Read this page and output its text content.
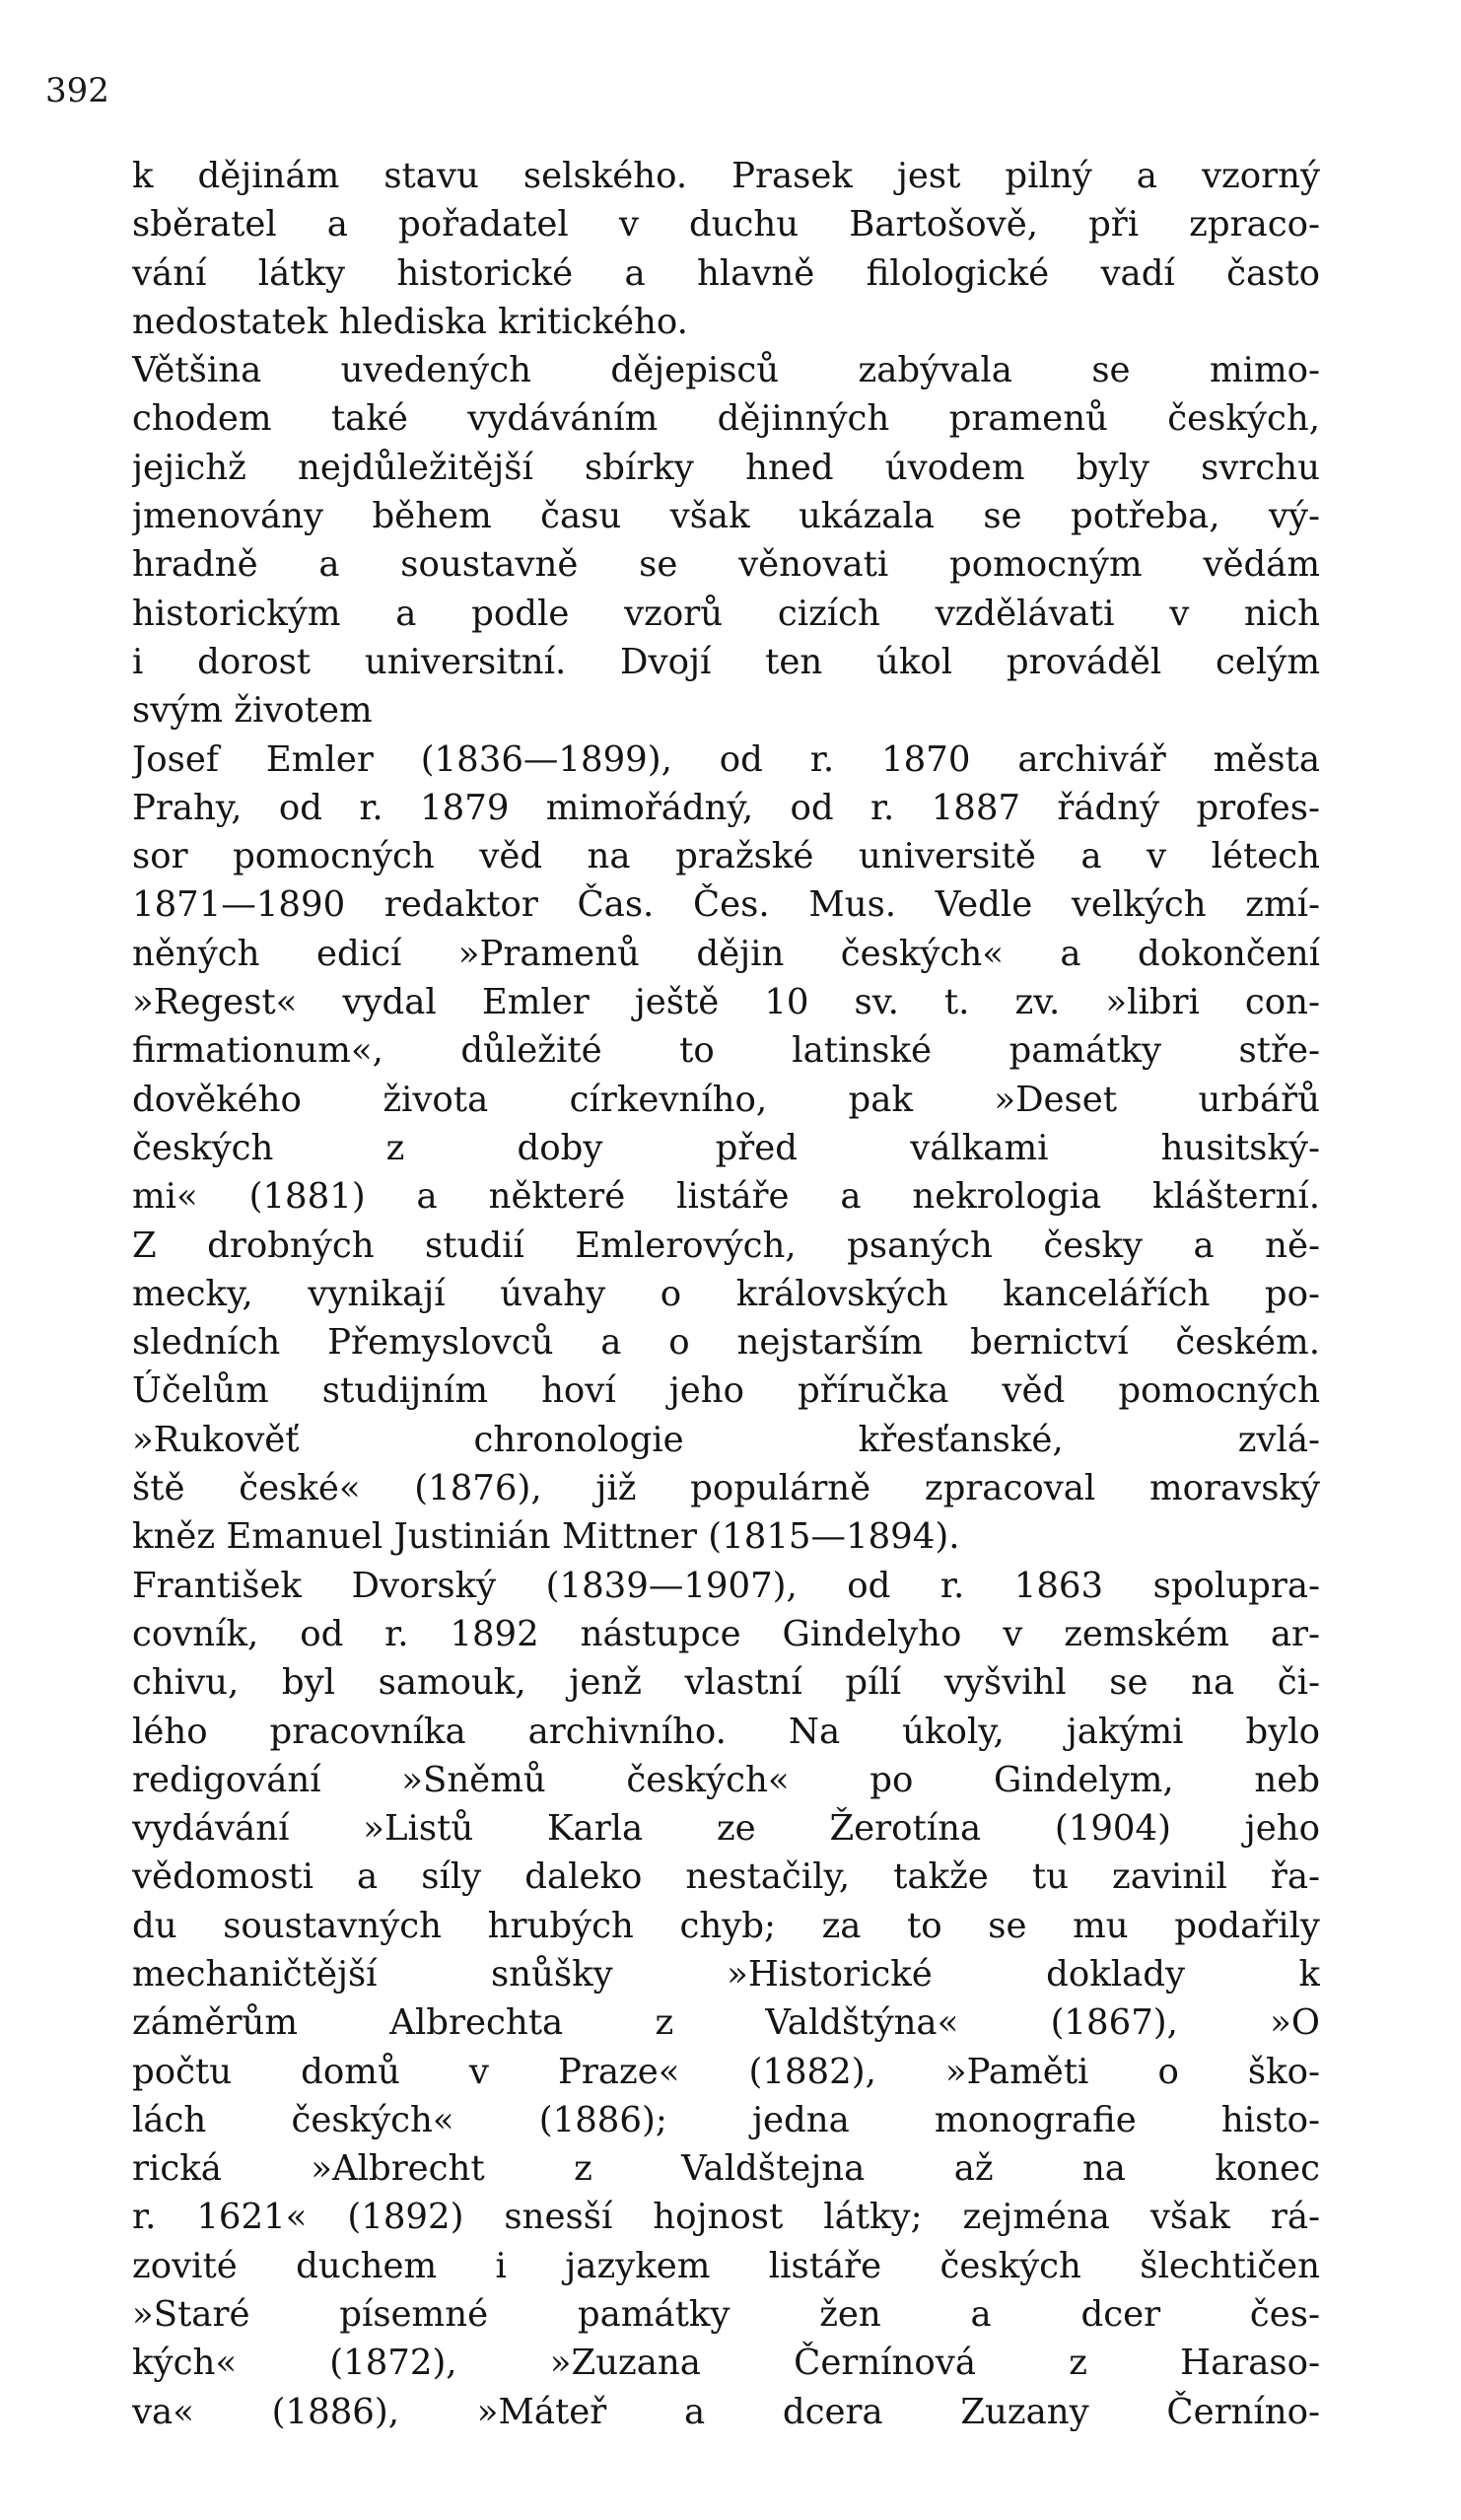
392
k dějinám stavu selského. Prasek jest pilný a vzorný
sběratel a pořadatel v duchu Bartošově, při zpraco-
vání látky historické a hlavně filologické vadí často
nedostatek hlediska kritického.
Většina uvedených dějepisců zabývala se mimo-
chodem také vydáváním dějinných pramenů českých,
jejichž nejdůležitější sbírky hned úvodem byly svrchu
jmenovány během času však ukázala se potřeba, vý-
hradně a soustavně se věnovati pomocným vědám
historickým a podle vzorů cizích vzdělávati v nich
i dorost universitní. Dvojí ten úkol prováděl celým
svým životem
Josef Emler (1836—1899), od r. 1870 archivář města
Prahy, od r. 1879 mimořádný, od r. 1887 řádný profes-
sor pomocných věd na pražské universitě a v létech
1871—1890 redaktor Čas. Čes. Mus. Vedle velkých zmí-
něných edicí »Pramenů dějin českých« a dokončení
»Regest« vydal Emler ještě 10 sv. t. zv. »libri con-
firmationum«, důležité to latinské památky stře-
dověkého života církevního, pak »Deset urbářů
českých z doby před válkami husitský-
mi« (1881) a některé listáře a nekrologia klášterní.
Z drobných studií Emlerových, psaných česky a ně-
mecky, vynikají úvahy o královských kancelářích po-
sledních Přemyslovců a o nejstarším bernictví českém.
Účelům studijním hoví jeho příručka věd pomocných
»Rukověť chronologie křesťanské, zvlá-
ště české« (1876), již populárně zpracoval moravský
kněz Emanuel Justinián Mittner (1815—1894).
František Dvorský (1839—1907), od r. 1863 spolupra-
covník, od r. 1892 nástupce Gindelyho v zemském ar-
chivu, byl samouk, jenž vlastní pílí vyšvihl se na či-
lého pracovníka archivního. Na úkoly, jakými bylo
redigování »Sněmů českých« po Gindelym, neb
vydávání »Listů Karla ze Žerotína (1904) jeho
vědomosti a síly daleko nestačily, takže tu zavinil řa-
du soustavných hrubých chyb; za to se mu podařily
mechaničtější snůšky »Historické doklady k
záměrům Albrechta z Valdštýna« (1867), »O
počtu domů v Praze« (1882), »Paměti o ško-
lách českých« (1886); jedna monografie histo-
rická »Albrecht z Valdštejna až na konec
r. 1621« (1892) snesší hojnost látky; zejména však rá-
zovité duchem i jazykem listáře českých šlechtičen
»Staré písemné památky žen a dcer čes-
kých« (1872), »Zuzana Černínová z Haraso-
va« (1886), »Máteř a dcera Zuzany Černíno-
